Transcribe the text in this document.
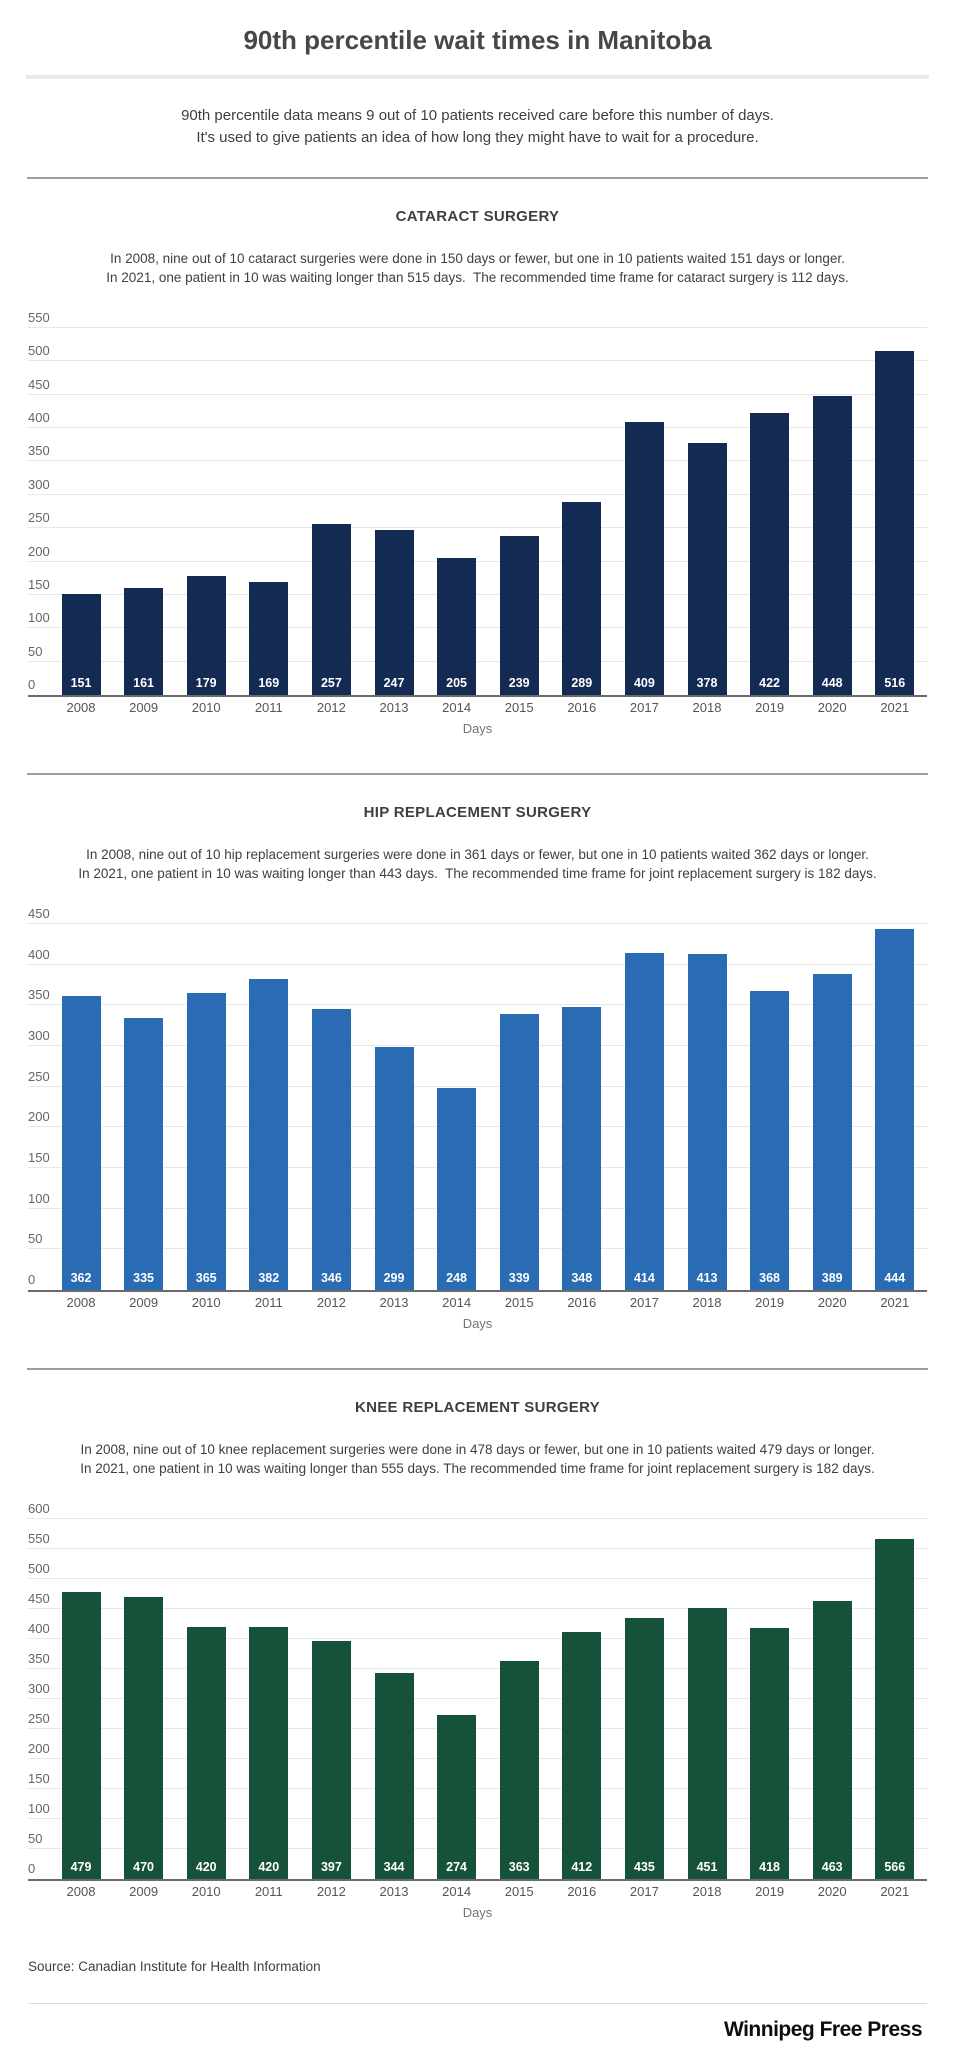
90th percentile wait times in Manitoba

90th percentile data means 9 out of 10 patients received care before this number of days.
It's used to give patients an idea of how long they might have to wait for a procedure.

CATARACT SURGERY

In 2008, nine out of 10 cataract surgeries were done in 150 days or fewer, but one in 10 patients waited 151 days or longer.
In 2021, one patient in 10 was waiting longer than 515 days.  The recommended time frame for cataract surgery is 112 days.

0
50
100
150
200
250
300
350
400
450
500
550
151
2008
161
2009
179
2010
169
2011
257
2012
247
2013
205
2014
239
2015
289
2016
409
2017
378
2018
422
2019
448
2020
516
2021
Days
HIP REPLACEMENT SURGERY

In 2008, nine out of 10 hip replacement surgeries were done in 361 days or fewer, but one in 10 patients waited 362 days or longer.
In 2021, one patient in 10 was waiting longer than 443 days.  The recommended time frame for joint replacement surgery is 182 days.

0
50
100
150
200
250
300
350
400
450
362
2008
335
2009
365
2010
382
2011
346
2012
299
2013
248
2014
339
2015
348
2016
414
2017
413
2018
368
2019
389
2020
444
2021
Days
KNEE REPLACEMENT SURGERY

In 2008, nine out of 10 knee replacement surgeries were done in 478 days or fewer, but one in 10 patients waited 479 days or longer.
In 2021, one patient in 10 was waiting longer than 555 days. The recommended time frame for joint replacement surgery is 182 days.

0
50
100
150
200
250
300
350
400
450
500
550
600
479
2008
470
2009
420
2010
420
2011
397
2012
344
2013
274
2014
363
2015
412
2016
435
2017
451
2018
418
2019
463
2020
566
2021
Days
Source: Canadian Institute for Health Information
Winnipeg Free Press
